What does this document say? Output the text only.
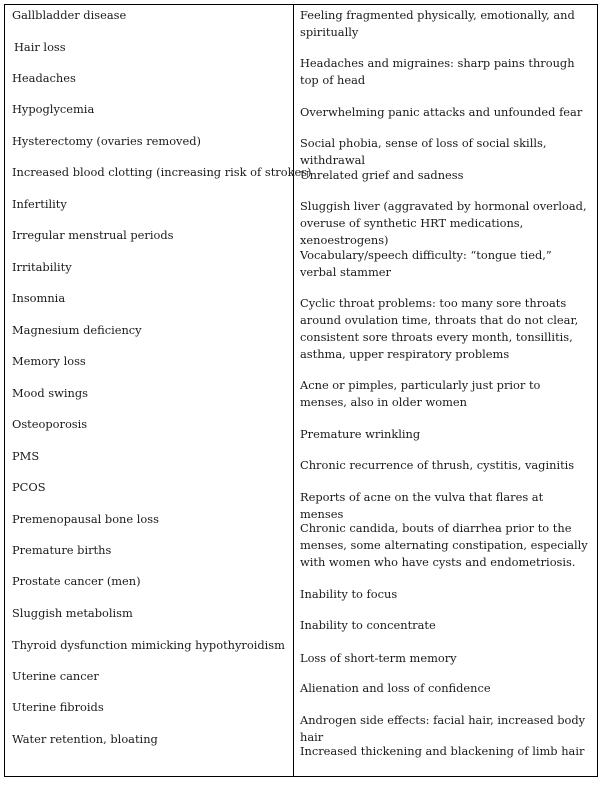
Gallbladder disease
Hair loss
Headaches
Hypoglycemia
Hysterectomy (ovaries removed)
Increased blood clotting (increasing risk of strokes)
Infertility
Irregular menstrual periods
Irritability
Insomnia
Magnesium deficiency
Memory loss
Mood swings
Osteoporosis
PMS
PCOS
Premenopausal bone loss
Premature births
Prostate cancer (men)
Sluggish metabolism
Thyroid dysfunction mimicking hypothyroidism
Uterine cancer
Uterine fibroids
Water retention, bloating
Feeling fragmented physically, emotionally, and spiritually
Headaches and migraines: sharp pains through top of head
Overwhelming panic attacks and unfounded fear
Social phobia, sense of loss of social skills, withdrawal
Unrelated grief and sadness
Sluggish liver (aggravated by hormonal overload, overuse of synthetic HRT medications, xenoestrogens)
Vocabulary/speech difficulty: “tongue tied,” verbal stammer
Cyclic throat problems: too many sore throats around ovulation time, throats that do not clear, consistent sore throats every month, tonsillitis, asthma, upper respiratory problems
Acne or pimples, particularly just prior to menses, also in older women
Premature wrinkling
Chronic recurrence of thrush, cystitis, vaginitis
Reports of acne on the vulva that flares at menses
Chronic candida, bouts of diarrhea prior to the menses, some alternating constipation, especially with women who have cysts and endometriosis.
Inability to focus
Inability to concentrate
Loss of short-term memory
Alienation and loss of confidence
Androgen side effects: facial hair, increased body hair
Increased thickening and blackening of limb hair
